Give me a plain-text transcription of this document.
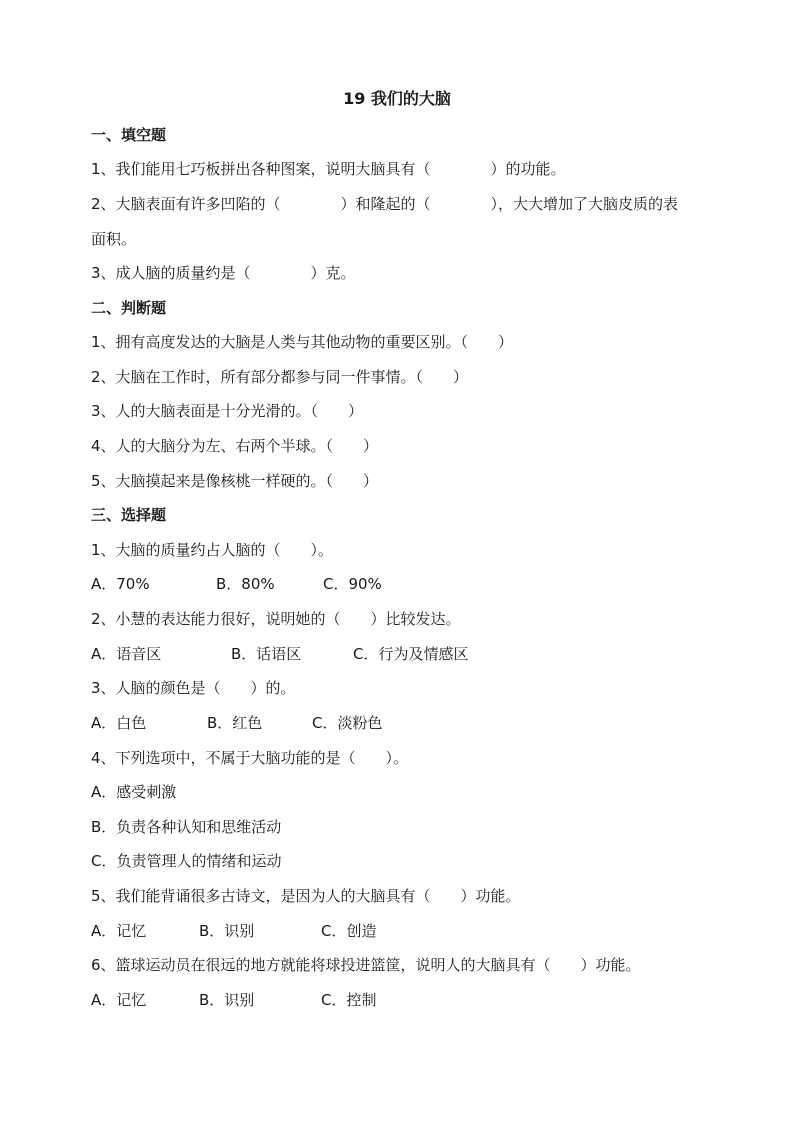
19 我们的大脑
一、填空题
1、我们能用七巧板拼出各种图案，说明大脑具有（　　　　）的功能。
2、大脑表面有许多凹陷的（　　　　）和隆起的（　　　　），大大增加了大脑皮质的表
面积。
3、成人脑的质量约是（　　　　）克。
二、判断题
1、拥有高度发达的大脑是人类与其他动物的重要区别。（　　）
2、大脑在工作时，所有部分都参与同一件事情。（　　）
3、人的大脑表面是十分光滑的。（　　）
4、人的大脑分为左、右两个半球。（　　）
5、大脑摸起来是像核桃一样硬的。（　　）
三、选择题
1、大脑的质量约占人脑的（　　）。

A．70%

	B．80%

	C．90%

2、小慧的表达能力很好，说明她的（　　）比较发达。

A．语音区

	B．话语区

	C．行为及情感区

3、人脑的颜色是（　　）的。

A．白色

	B．红色

	C．淡粉色

4、下列选项中，不属于大脑功能的是（　　）。
A．感受刺激
B．负责各种认知和思维活动
C．负责管理人的情绪和运动
5、我们能背诵很多古诗文，是因为人的大脑具有（　　）功能。

A．记忆

	B．识别

	C．创造

6、篮球运动员在很远的地方就能将球投进篮筐，说明人的大脑具有（　　）功能。

A．记忆

	B．识别

	C．控制
